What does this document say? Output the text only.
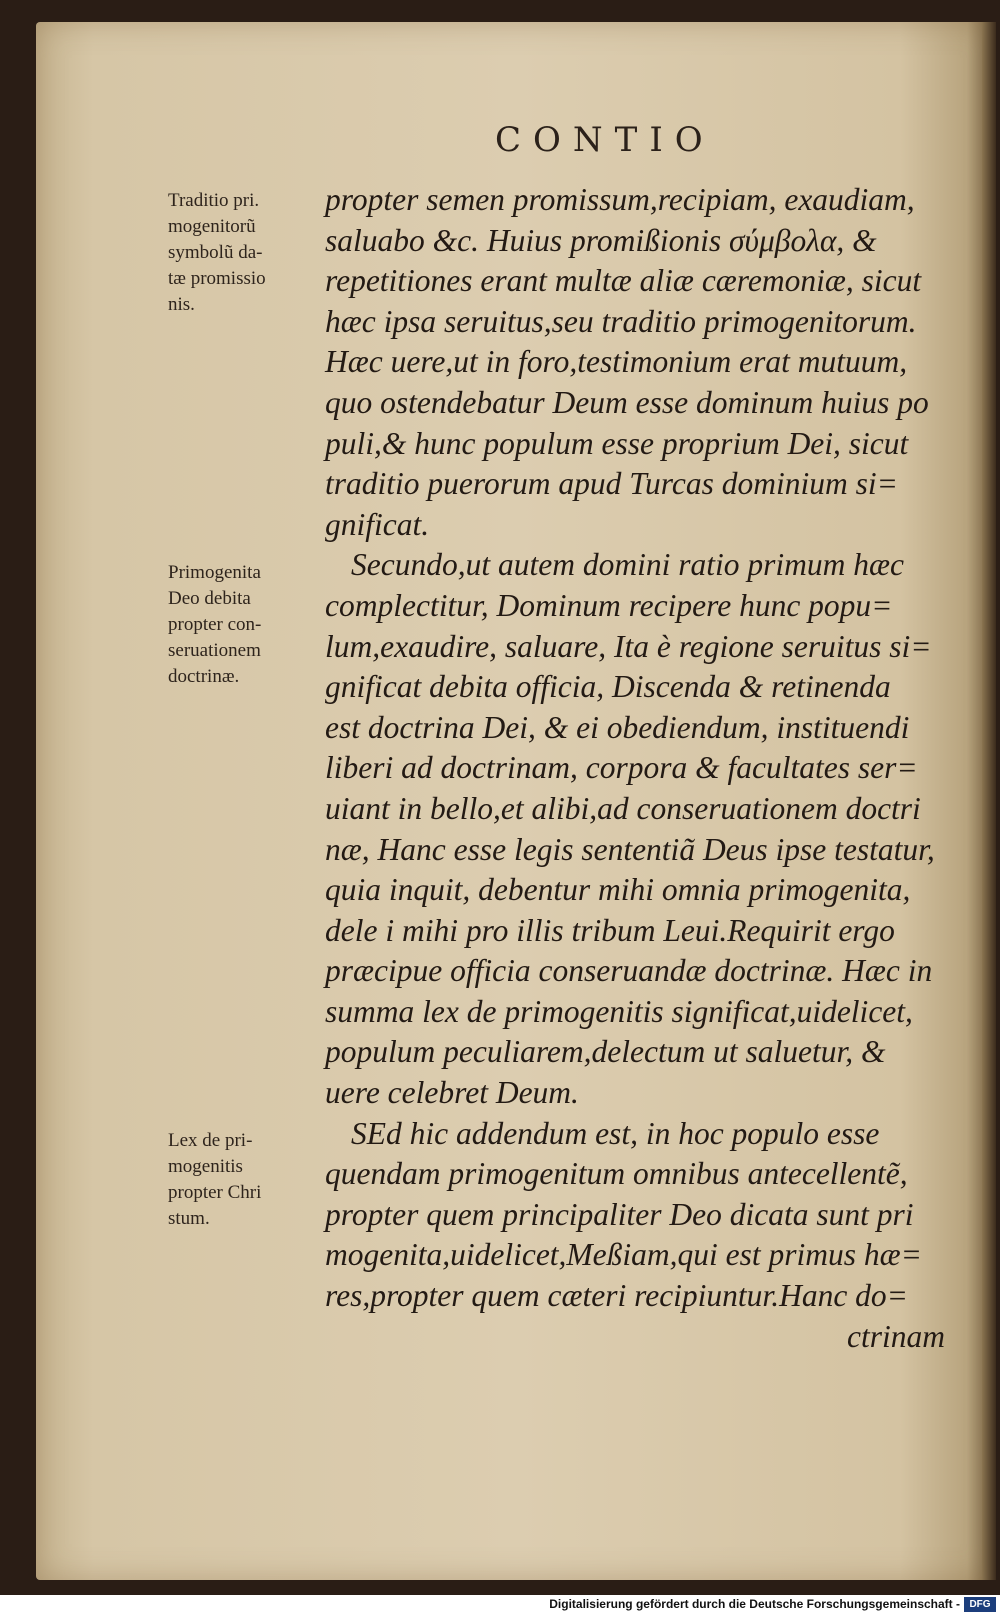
CONTIO
propter semen promissum,recipiam, exaudiam,
saluabo &c. Huius promißionis σύμβολα, &
repetitiones erant multæ aliæ cæremoniæ, sicut
hæc ipsa seruitus,seu traditio primogenitorum.
Hæc uere,ut in foro,testimonium erat mutuum,
quo ostendebatur Deum esse dominum huius po
puli,& hunc populum esse proprium Dei, sicut
traditio puerorum apud Turcas dominium si=
gnificat.
Secundo,ut autem domini ratio primum hæc
complectitur, Dominum recipere hunc popu=
lum,exaudire, saluare, Ita è regione seruitus si=
gnificat debita officia, Discenda & retinenda
est doctrina Dei, & ei obediendum, instituendi
liberi ad doctrinam, corpora & facultates ser=
uiant in bello,et alibi,ad conseruationem doctri
næ, Hanc esse legis sententiã Deus ipse testatur,
quia inquit, debentur mihi omnia primogenita,
dele i mihi pro illis tribum Leui.Requirit ergo
præcipue officia conseruandæ doctrinæ. Hæc in
summa lex de primogenitis significat,uidelicet,
populum peculiarem,delectum ut saluetur, &
uere celebret Deum.
SEd hic addendum est, in hoc populo esse
quendam primogenitum omnibus antecellentẽ,
propter quem principaliter Deo dicata sunt pri
mogenita,uidelicet,Meßiam,qui est primus hæ=
res,propter quem cæteri recipiuntur.Hanc do=
ctrinam
Traditio pri.
mogenitorũ
symbolũ da-
tæ promissio
nis.
Primogenita
Deo debita
propter con-
seruationem
doctrinæ.
Lex de pri-
mogenitis
propter Chri
stum.
Digitalisierung gefördert durch die Deutsche Forschungsgemeinschaft - DFG
